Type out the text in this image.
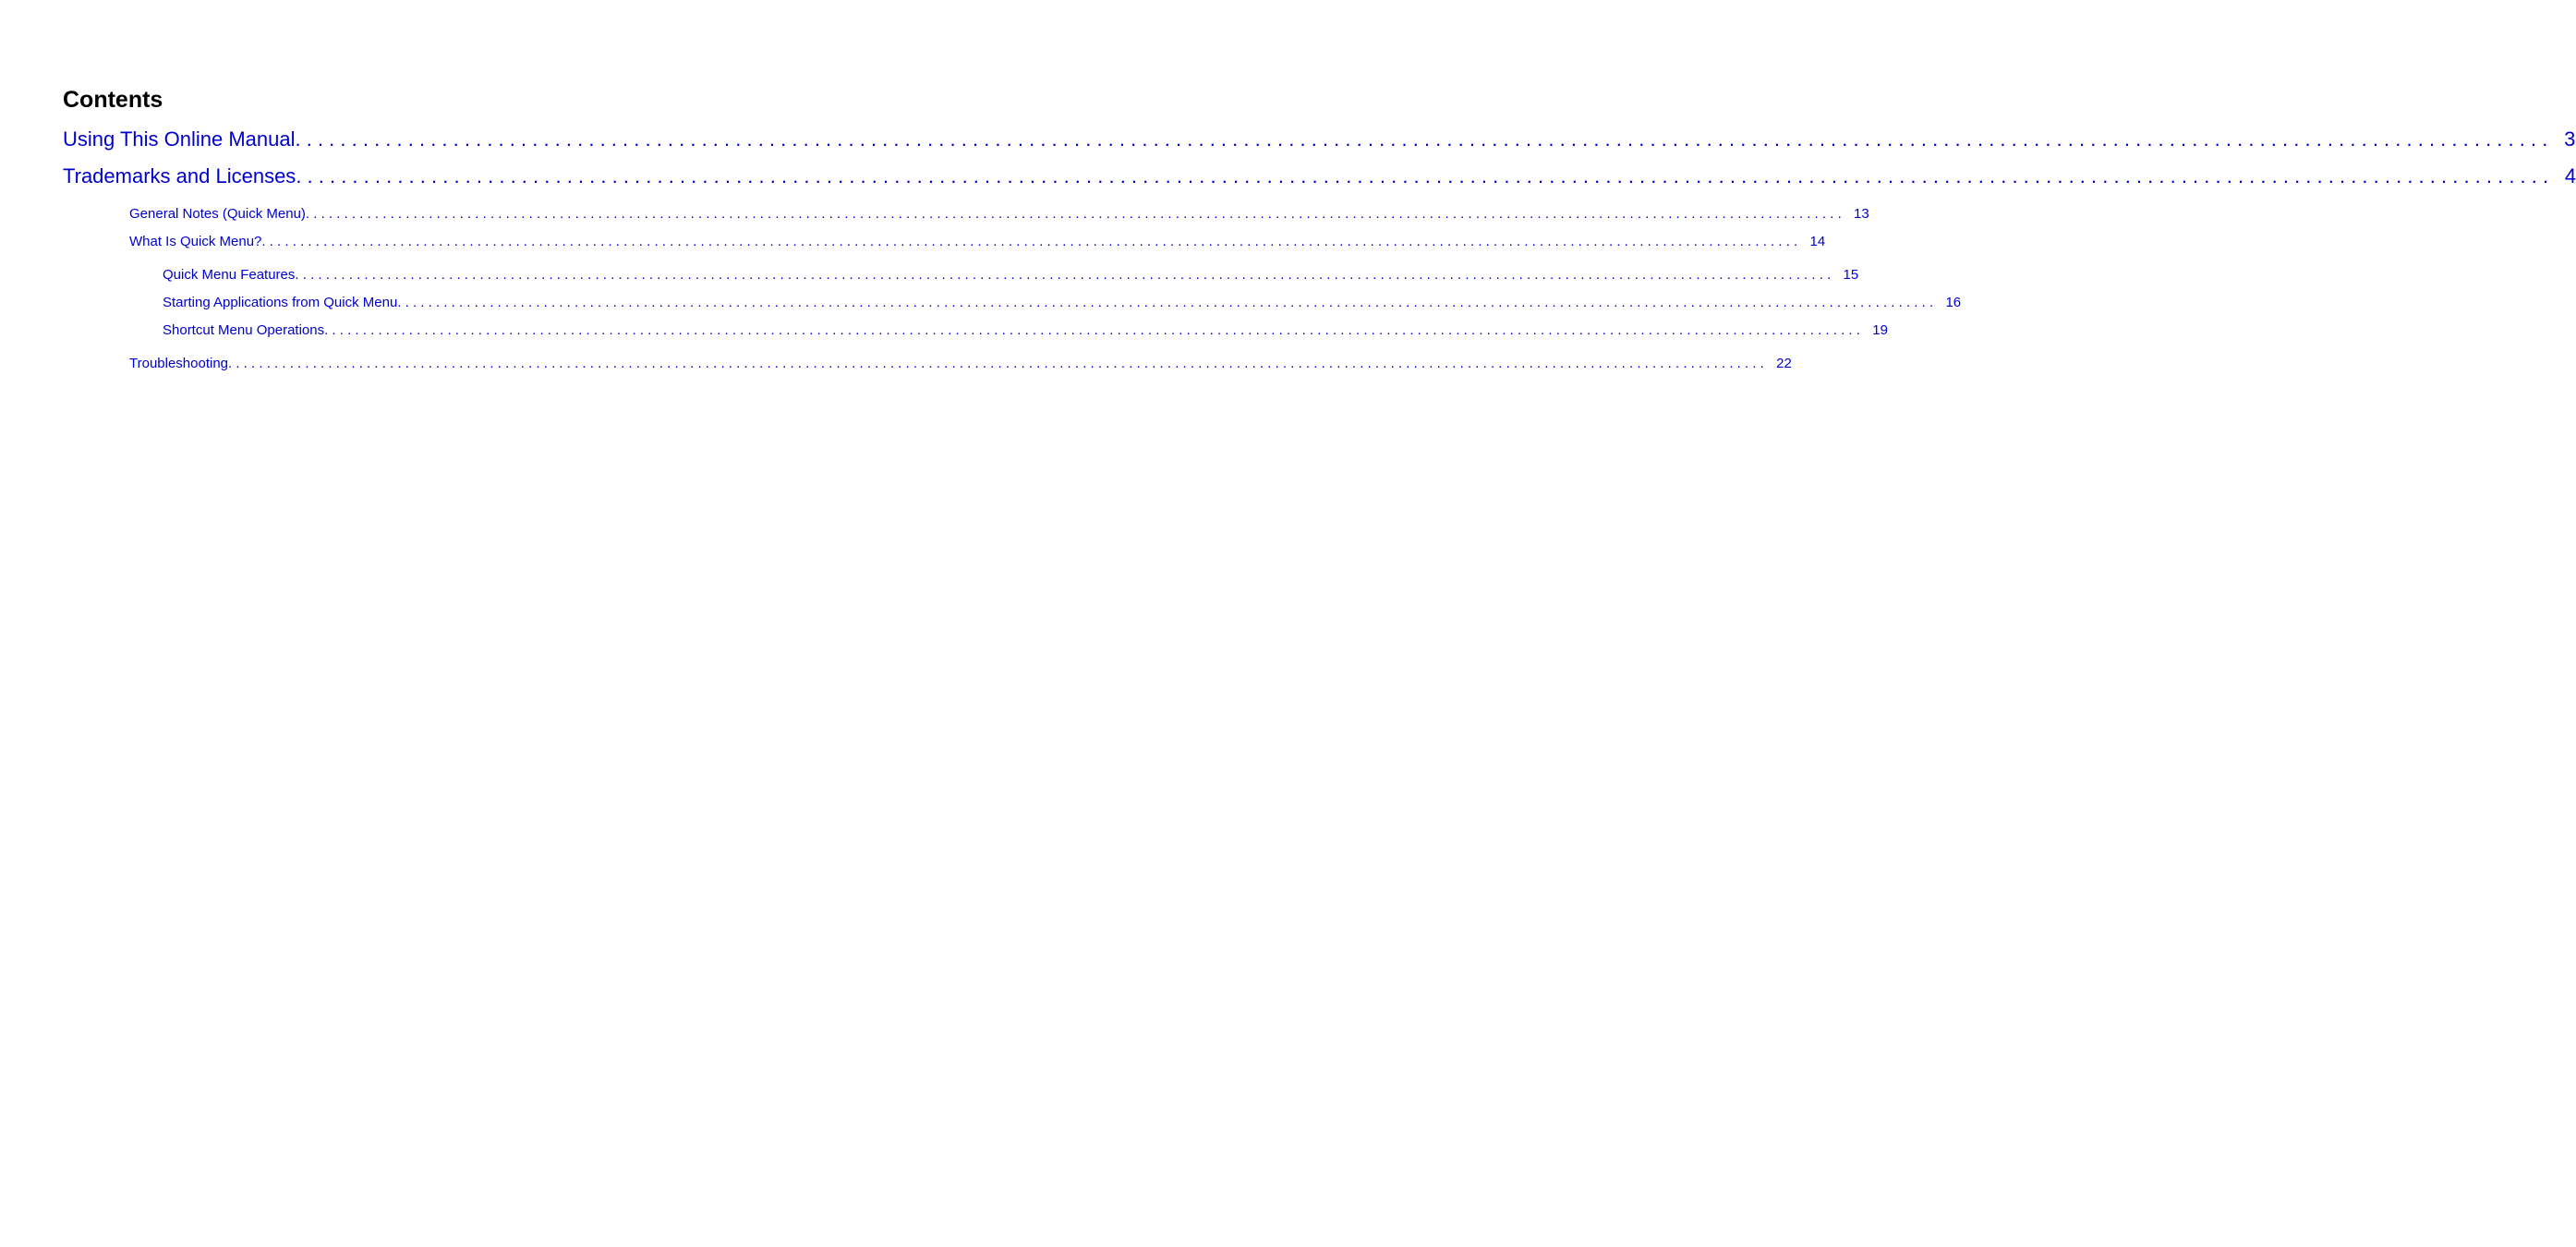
Contents
Using This Online Manual . . . . . . . . . . . . . . . . . . . . . . . . . . . . . . . . . . . . . . . . . . . . . . . . . . . . . . . . . . . . . . . . . . . . . . . . . . . . . . . . . . . . . . . . . . . . . . . . . . . . . . . . . . . . . . . . . . . . . . . . . . . . . . . . . . . . . . . . . . . . . . . . . . . . . . . . . . . . . . . . . . . . . . . . . . . . . . . . . . . . . . . . . . . . . . . . . . . . . . . . 3
Trademarks and Licenses . . . . . . . . . . . . . . . . . . . . . . . . . . . . . . . . . . . . . . . . . . . . . . . . . . . . . . . . . . . . . . . . . . . . . . . . . . . . . . . . . . . . . . . . . . . . . . . . . . . . . . . . . . . . . . . . . . . . . . . . . . . . . . . . . . . . . . . . . . . . . . . . . . . . . . . . . . . . . . . . . . . . . . . . . . . . . . . . . . . . . . . . . . . . . . . . . . . . . . . . 4
General Notes (Quick Menu) . . . . . . . . . . . . . . . . . . . . . . . . . . . . . . . . . . . . . . . . . . . . . . . . . . . . . . . . . . . . . . . . . . . . . . . . . . . . . . . . . . . . . . . . . . . . . . . . . . . . . . . . . . . . . . . . . . . . . . . . . . . . . . . . . . . . . . . . . . . . . . . . . . . . . . . . . . . . . . . . . . . . . . . . . . . . . . . . . . . . . . . . . . . . . . . . . . . . . . . . 13
What Is Quick Menu? . . . . . . . . . . . . . . . . . . . . . . . . . . . . . . . . . . . . . . . . . . . . . . . . . . . . . . . . . . . . . . . . . . . . . . . . . . . . . . . . . . . . . . . . . . . . . . . . . . . . . . . . . . . . . . . . . . . . . . . . . . . . . . . . . . . . . . . . . . . . . . . . . . . . . . . . . . . . . . . . . . . . . . . . . . . . . . . . . . . . . . . . . . . . . . . . . . . . . . . . 14
Quick Menu Features . . . . . . . . . . . . . . . . . . . . . . . . . . . . . . . . . . . . . . . . . . . . . . . . . . . . . . . . . . . . . . . . . . . . . . . . . . . . . . . . . . . . . . . . . . . . . . . . . . . . . . . . . . . . . . . . . . . . . . . . . . . . . . . . . . . . . . . . . . . . . . . . . . . . . . . . . . . . . . . . . . . . . . . . . . . . . . . . . . . . . . . . . . . . . . . . . . . . . . . . 15
Starting Applications from Quick Menu . . . . . . . . . . . . . . . . . . . . . . . . . . . . . . . . . . . . . . . . . . . . . . . . . . . . . . . . . . . . . . . . . . . . . . . . . . . . . . . . . . . . . . . . . . . . . . . . . . . . . . . . . . . . . . . . . . . . . . . . . . . . . . . . . . . . . . . . . . . . . . . . . . . . . . . . . . . . . . . . . . . . . . . . . . . . . . . . . . . . . . . . . . . . . . . . . . . . . . . . 16
Shortcut Menu Operations . . . . . . . . . . . . . . . . . . . . . . . . . . . . . . . . . . . . . . . . . . . . . . . . . . . . . . . . . . . . . . . . . . . . . . . . . . . . . . . . . . . . . . . . . . . . . . . . . . . . . . . . . . . . . . . . . . . . . . . . . . . . . . . . . . . . . . . . . . . . . . . . . . . . . . . . . . . . . . . . . . . . . . . . . . . . . . . . . . . . . . . . . . . . . . . . . . . . . . . . 19
Troubleshooting . . . . . . . . . . . . . . . . . . . . . . . . . . . . . . . . . . . . . . . . . . . . . . . . . . . . . . . . . . . . . . . . . . . . . . . . . . . . . . . . . . . . . . . . . . . . . . . . . . . . . . . . . . . . . . . . . . . . . . . . . . . . . . . . . . . . . . . . . . . . . . . . . . . . . . . . . . . . . . . . . . . . . . . . . . . . . . . . . . . . . . . . . . . . . . . . . . . . . . . . 22
